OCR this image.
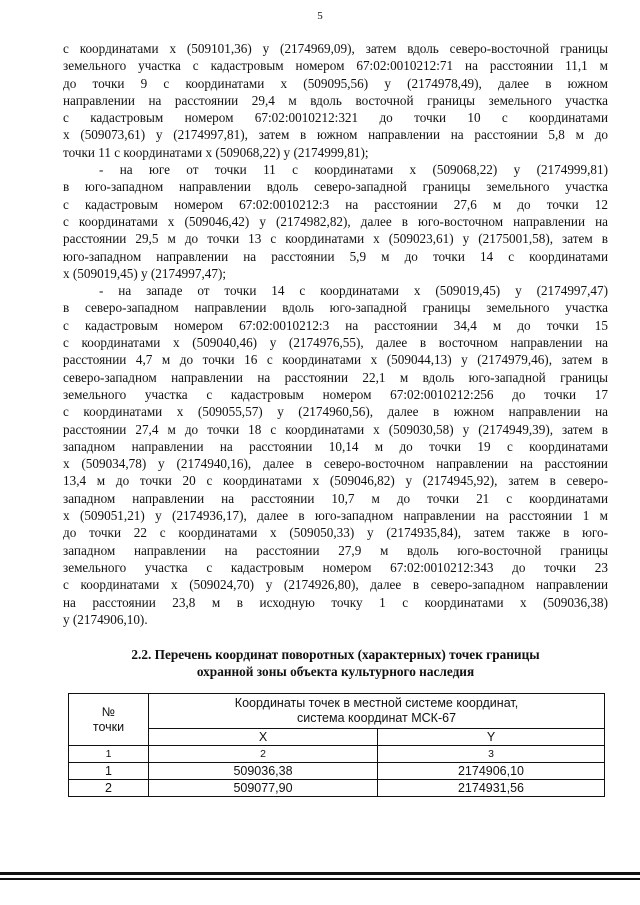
5
с координатами х (509101,36) у (2174969,09), затем вдоль северо-восточной границы
земельного участка с кадастровым номером 67:02:0010212:71 на расстоянии 11,1 м
до точки 9 с координатами х (509095,56) у (2174978,49), далее в южном
направлении на расстоянии 29,4 м вдоль восточной границы земельного участка
с кадастровым номером 67:02:0010212:321 до точки 10 с координатами
х (509073,61) у (2174997,81), затем в южном направлении на расстоянии 5,8 м до
точки 11 с координатами х (509068,22) у (2174999,81);
- на юге от точки 11 с координатами х (509068,22) у (2174999,81)
в юго-западном направлении вдоль северо-западной границы земельного участка
с кадастровым номером 67:02:0010212:3 на расстоянии 27,6 м до точки 12
с координатами х (509046,42) у (2174982,82), далее в юго-восточном направлении на
расстоянии 29,5 м до точки 13 с координатами х (509023,61) у (2175001,58), затем в
юго-западном направлении на расстоянии 5,9 м до точки 14 с координатами
х (509019,45) у (2174997,47);
- на западе от точки 14 с координатами х (509019,45) у (2174997,47)
в северо-западном направлении вдоль юго-западной границы земельного участка
с кадастровым номером 67:02:0010212:3 на расстоянии 34,4 м до точки 15
с координатами х (509040,46) у (2174976,55), далее в восточном направлении на
расстоянии 4,7 м до точки 16 с координатами х (509044,13) у (2174979,46), затем в
северо-западном направлении на расстоянии 22,1 м вдоль юго-западной границы
земельного участка с кадастровым номером 67:02:0010212:256 до точки 17
с координатами х (509055,57) у (2174960,56), далее в южном направлении на
расстоянии 27,4 м до точки 18 с координатами х (509030,58) у (2174949,39), затем в
западном направлении на расстоянии 10,14 м до точки 19 с координатами
х (509034,78) у (2174940,16), далее в северо-восточном направлении на расстоянии
13,4 м до точки 20 с координатами х (509046,82) у (2174945,92), затем в северо-
западном направлении на расстоянии 10,7 м до точки 21 с координатами
х (509051,21) у (2174936,17), далее в юго-западном направлении на расстоянии 1 м
до точки 22 с координатами х (509050,33) у (2174935,84), затем также в юго-
западном направлении на расстоянии 27,9 м вдоль юго-восточной границы
земельного участка с кадастровым номером 67:02:0010212:343 до точки 23
с координатами х (509024,70) у (2174926,80), далее в северо-западном направлении
на расстоянии 23,8 м в исходную точку 1 с координатами х (509036,38)
у (2174906,10).
2.2. Перечень координат поворотных (характерных) точек границы
охранной зоны объекта культурного наследия
№
точки	Координаты точек в местной системе координат,
система координат МСК-67	

	X	Y
1	2	3
1	509036,38	2174906,10
2	509077,90	2174931,56
